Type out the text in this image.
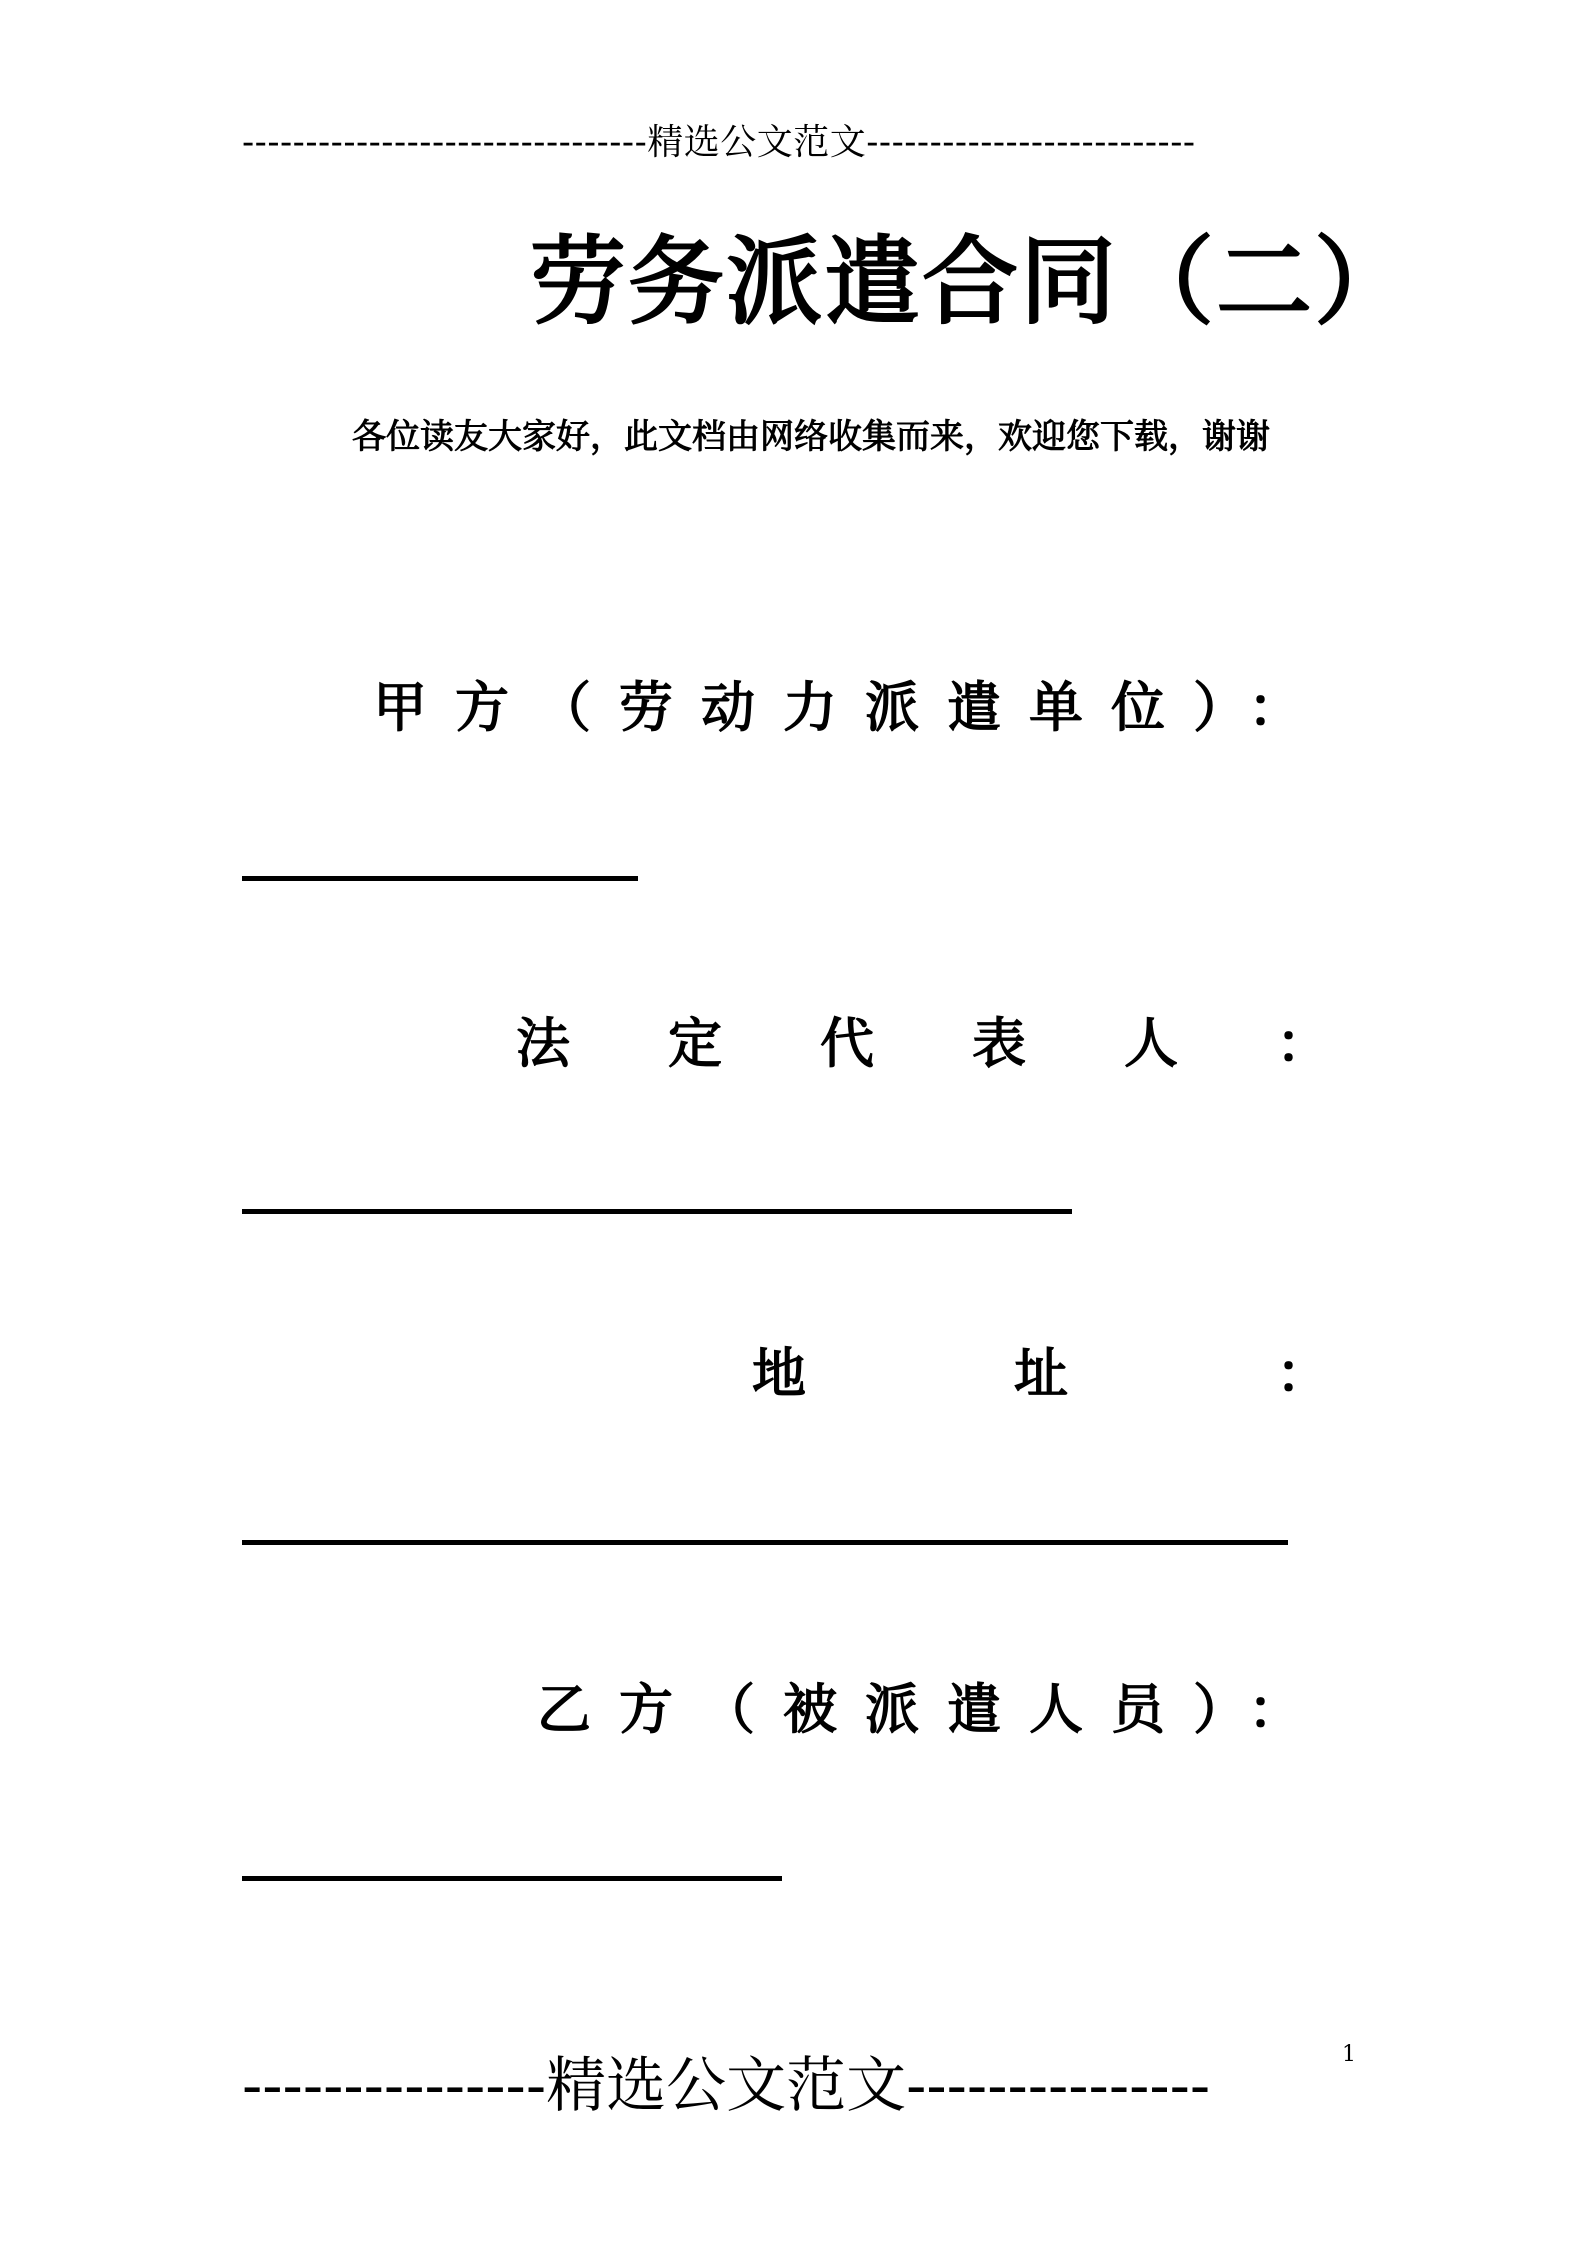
--------------------------------精选公文范文--------------------------
劳务派遣合同（二）
各位读友大家好，此文档由网络收集而来，欢迎您下载，谢谢
甲方（劳动力派遣单位）：
法 定 代 表 人 ：
地	址	：
乙方（被派遣人员）：
---------------精选公文范文---------------	1
